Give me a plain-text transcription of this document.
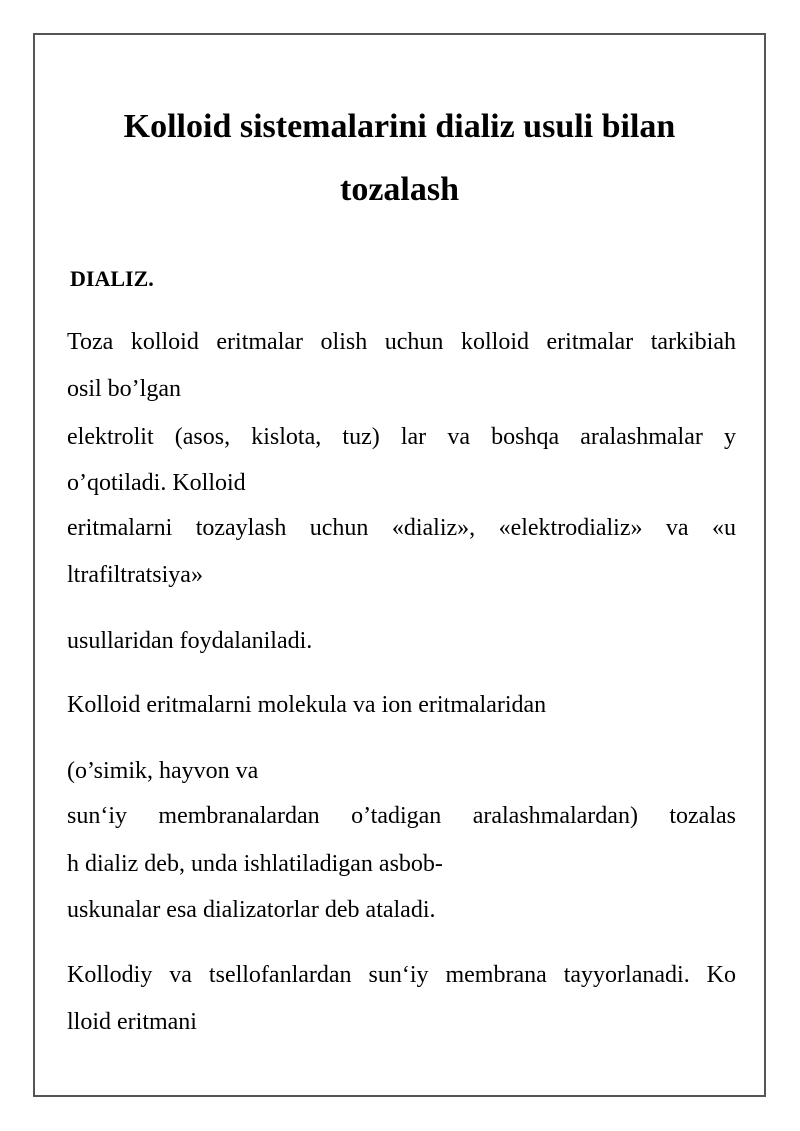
Kolloid sistemalarini dializ usuli bilan
tozalash

DIALIZ.

Toza kolloid eritmalar olish uchun kolloid eritmalar tarkibiah

osil bo’lgan

elektrolit (asos, kislota, tuz) lar va boshqa aralashmalar y

o’qotiladi. Kolloid

eritmalarni tozaylash uchun «dializ», «elektrodializ» va «u

ltrafiltratsiya»

usullaridan foydalaniladi.

Kolloid eritmalarni molekula va ion eritmalaridan

(o’simik, hayvon va

sun‘iy membranalardan o’tadigan aralashmalardan) tozalas

h dializ deb, unda ishlatiladigan asbob-

uskunalar esa dializatorlar deb ataladi.

Kollodiy va tsellofanlardan sun‘iy membrana tayyorlanadi. Ko

lloid eritmani
